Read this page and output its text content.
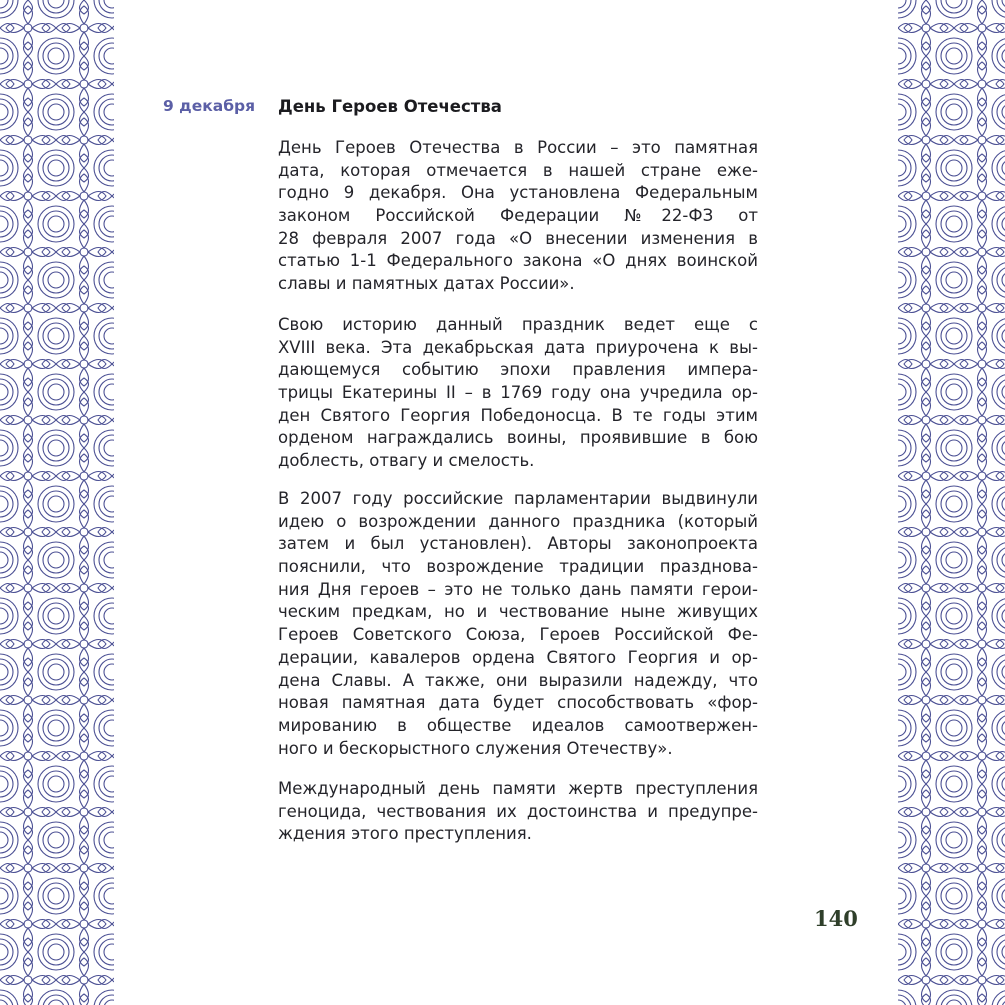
9 декабря День Героев Отечества
День Героев Отечества в России – это памятная
дата, которая отмечается в нашей стране еже-
годно 9 декабря. Она установлена Федеральным
законом Российской Федерации №22-ФЗ от
28 февраля 2007 года «О внесении изменения в
статью 1-1 Федерального закона «О днях воинской
славы и памятных датах России».
Свою историю данный праздник ведет еще с
XVIII века. Эта декабрьская дата приурочена к вы-
дающемуся событию эпохи правления импера-
трицы Екатерины II – в 1769 году она учредила ор-
ден Святого Георгия Победоносца. В те годы этим
орденом награждались воины, проявившие в бою
доблесть, отвагу и смелость.
В 2007 году российские парламентарии выдвинули
идею о возрождении данного праздника (который
затем и был установлен). Авторы законопроекта
пояснили, что возрождение традиции празднова-
ния Дня героев – это не только дань памяти герои-
ческим предкам, но и чествование ныне живущих
Героев Советского Союза, Героев Российской Фе-
дерации, кавалеров ордена Святого Георгия и ор-
дена Славы. А также, они выразили надежду, что
новая памятная дата будет способствовать «фор-
мированию в обществе идеалов самоотвержен-
ного и бескорыстного служения Отечеству».
Международный день памяти жертв преступления
геноцида, чествования их достоинства и предупре-
ждения этого преступления.
140
